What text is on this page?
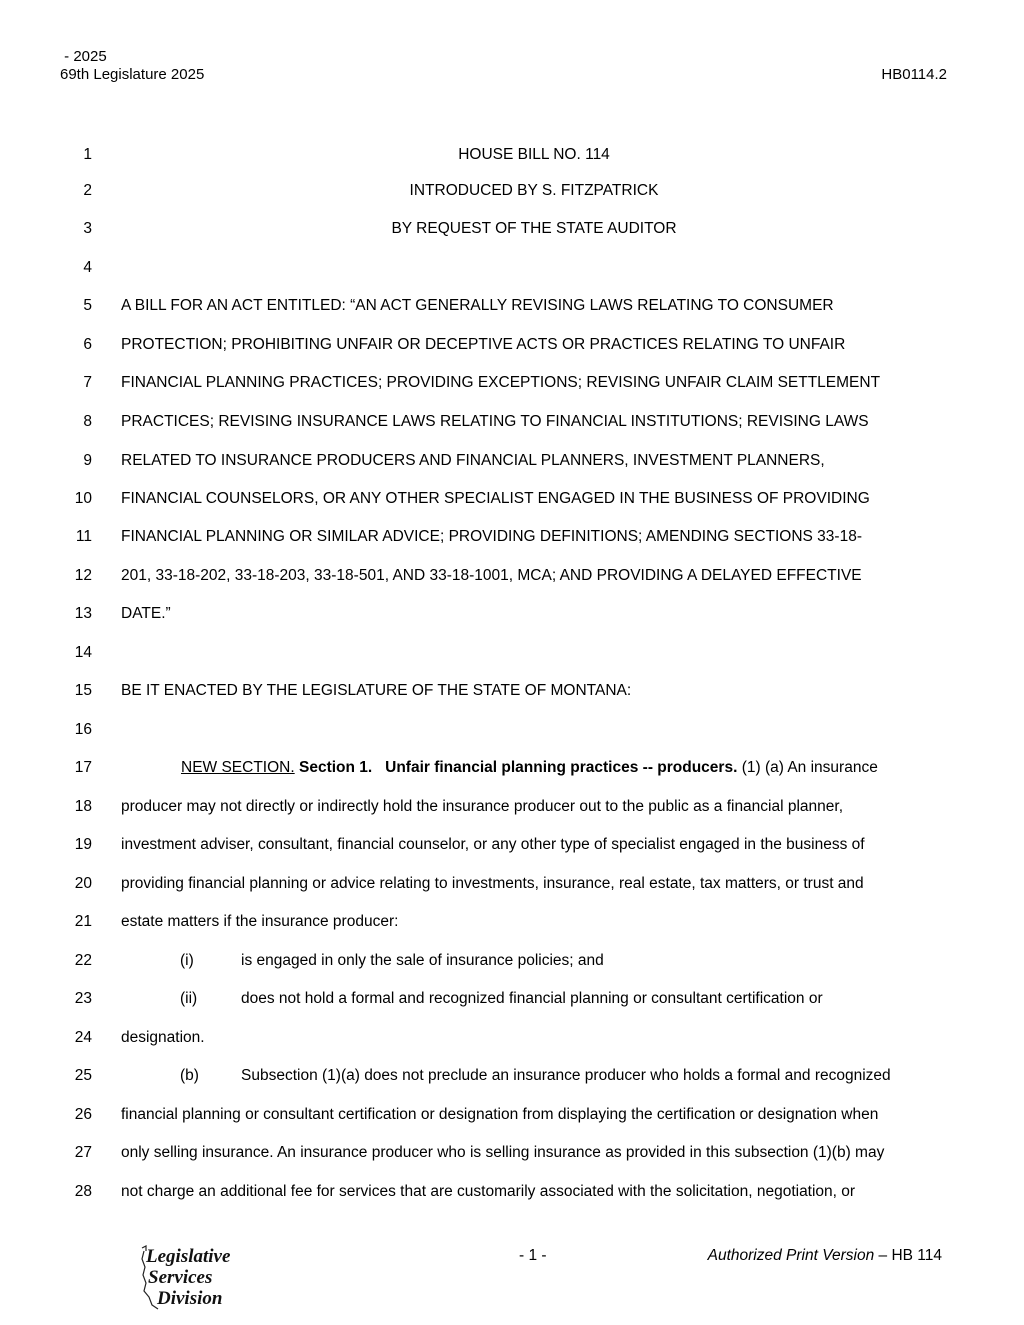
- 2025
69th Legislature 2025	HB0114.2
1	HOUSE BILL NO. 114
2	INTRODUCED BY S. FITZPATRICK
3	BY REQUEST OF THE STATE AUDITOR
4
5 A BILL FOR AN ACT ENTITLED: “AN ACT GENERALLY REVISING LAWS RELATING TO CONSUMER
6 PROTECTION; PROHIBITING UNFAIR OR DECEPTIVE ACTS OR PRACTICES RELATING TO UNFAIR
7 FINANCIAL PLANNING PRACTICES; PROVIDING EXCEPTIONS; REVISING UNFAIR CLAIM SETTLEMENT
8 PRACTICES; REVISING INSURANCE LAWS RELATING TO FINANCIAL INSTITUTIONS; REVISING LAWS
9 RELATED TO INSURANCE PRODUCERS AND FINANCIAL PLANNERS, INVESTMENT PLANNERS,
10 FINANCIAL COUNSELORS, OR ANY OTHER SPECIALIST ENGAGED IN THE BUSINESS OF PROVIDING
11 FINANCIAL PLANNING OR SIMILAR ADVICE; PROVIDING DEFINITIONS; AMENDING SECTIONS 33-18-
12 201, 33-18-202, 33-18-203, 33-18-501, AND 33-18-1001, MCA; AND PROVIDING A DELAYED EFFECTIVE
13 DATE.”
14
15 BE IT ENACTED BY THE LEGISLATURE OF THE STATE OF MONTANA:
16
17	NEW SECTION. Section 1. Unfair financial planning practices -- producers. (1) (a) An insurance
18 producer may not directly or indirectly hold the insurance producer out to the public as a financial planner,
19 investment adviser, consultant, financial counselor, or any other type of specialist engaged in the business of
20 providing financial planning or advice relating to investments, insurance, real estate, tax matters, or trust and
21 estate matters if the insurance producer:
22	(i)	is engaged in only the sale of insurance policies; and
23	(ii)	does not hold a formal and recognized financial planning or consultant certification or
24 designation.
25	(b)	Subsection (1)(a) does not preclude an insurance producer who holds a formal and recognized
26 financial planning or consultant certification or designation from displaying the certification or designation when
27 only selling insurance. An insurance producer who is selling insurance as provided in this subsection (1)(b) may
28 not charge an additional fee for services that are customarily associated with the solicitation, negotiation, or
Legislative
Services
Division
- 1 -	Authorized Print Version – HB 114
